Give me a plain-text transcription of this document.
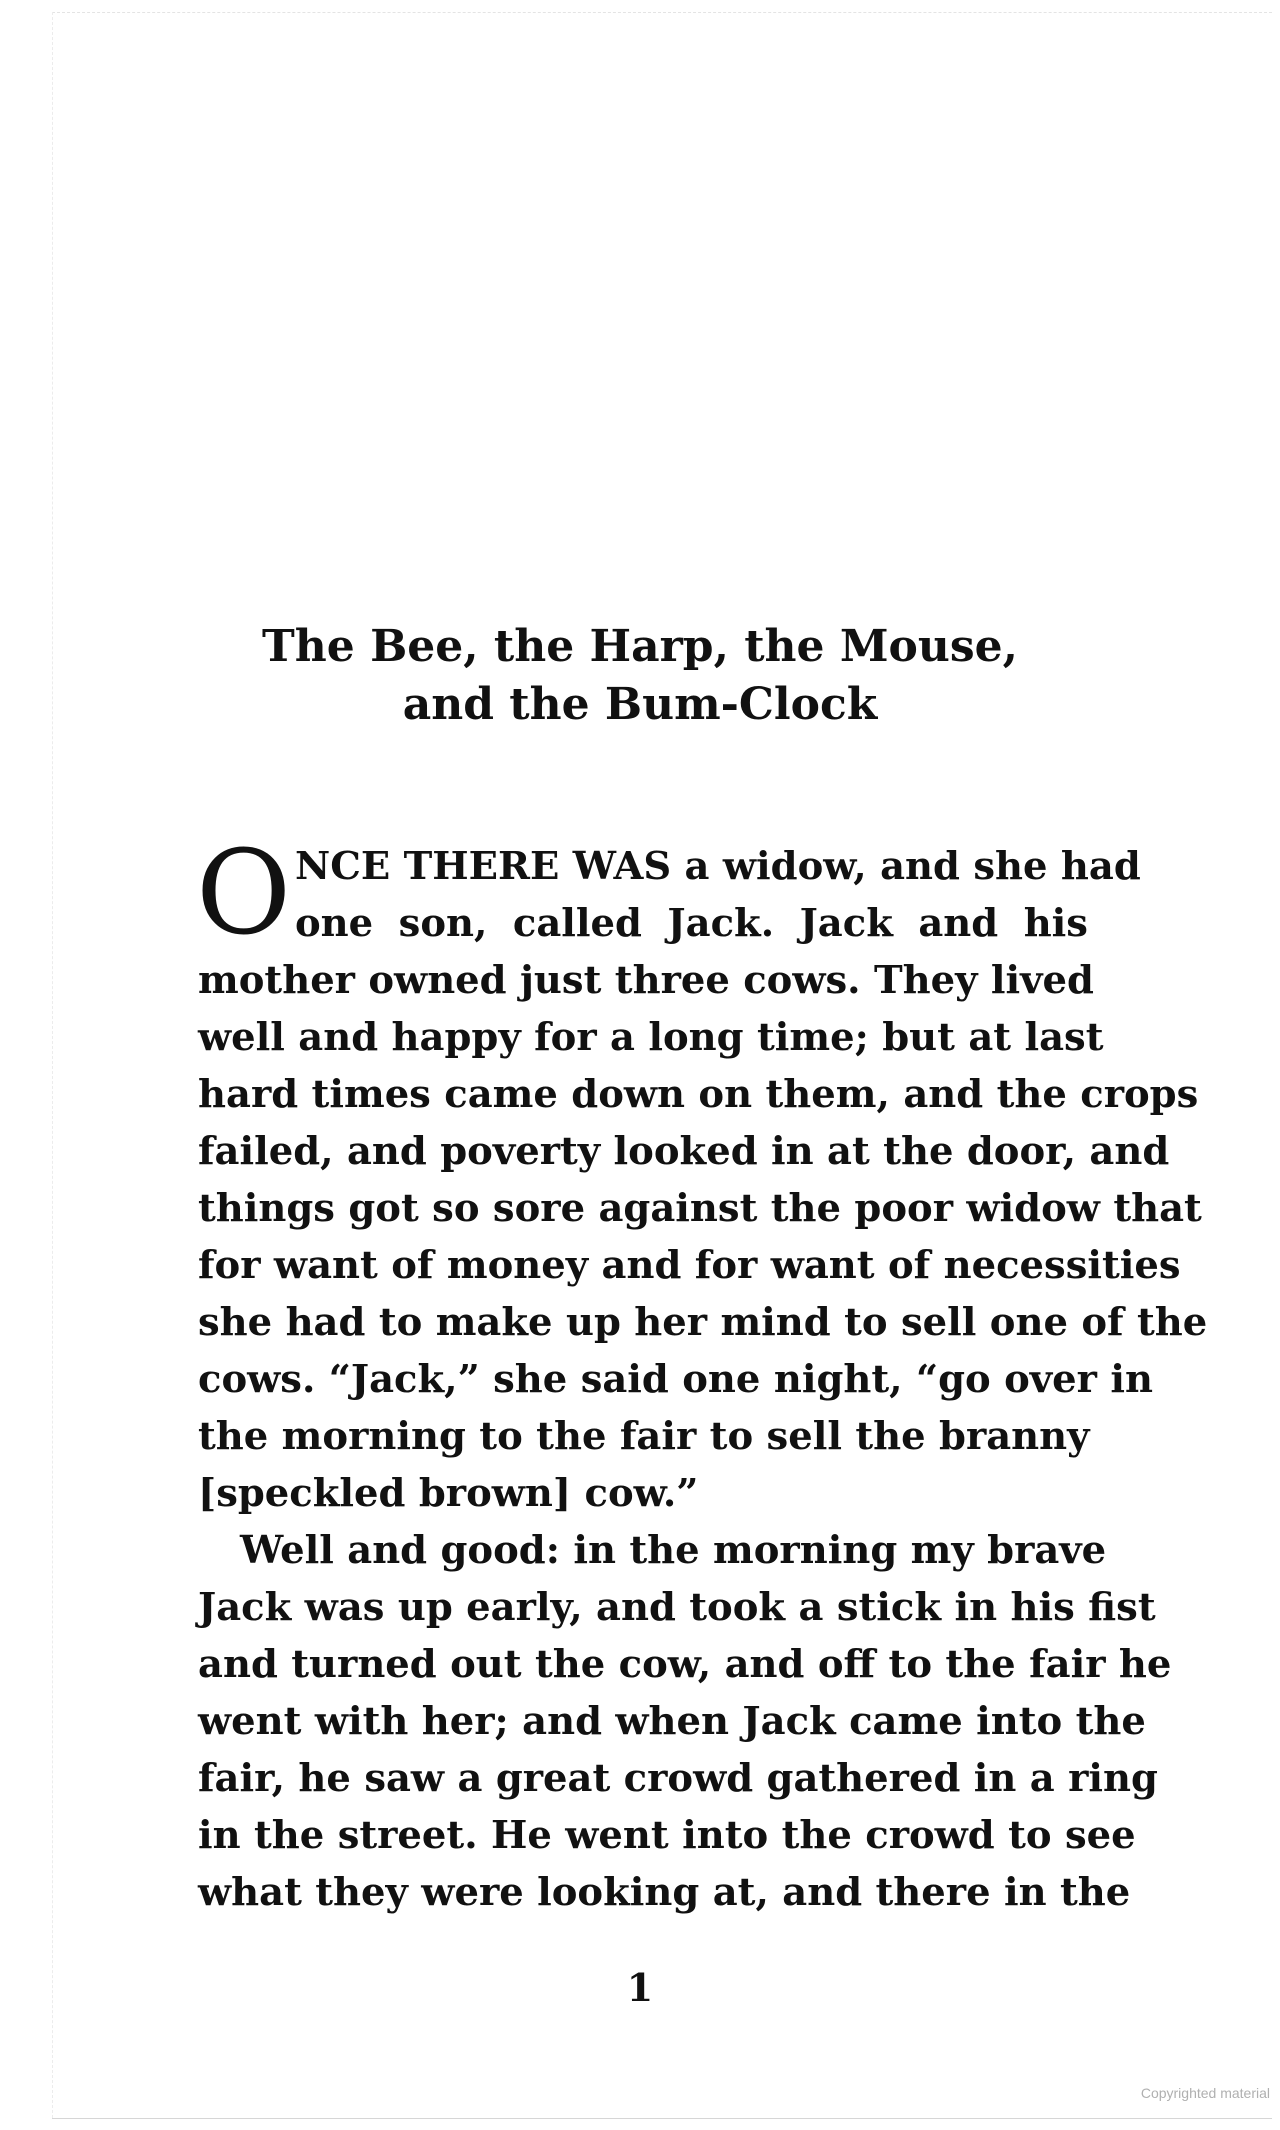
The Bee, the Harp, the Mouse,
and the Bum-Clock

O NCE THERE WAS a widow, and she had
one son, called Jack. Jack and his
mother owned just three cows. They lived
well and happy for a long time; but at last
hard times came down on them, and the crops
failed, and poverty looked in at the door, and
things got so sore against the poor widow that
for want of money and for want of necessities
she had to make up her mind to sell one of the
cows. “Jack,” she said one night, “go over in
the morning to the fair to sell the branny
[speckled brown] cow.”

Well and good: in the morning my brave
Jack was up early, and took a stick in his fist
and turned out the cow, and off to the fair he
went with her; and when Jack came into the
fair, he saw a great crowd gathered in a ring
in the street. He went into the crowd to see
what they were looking at, and there in the

1
Copyrighted material
